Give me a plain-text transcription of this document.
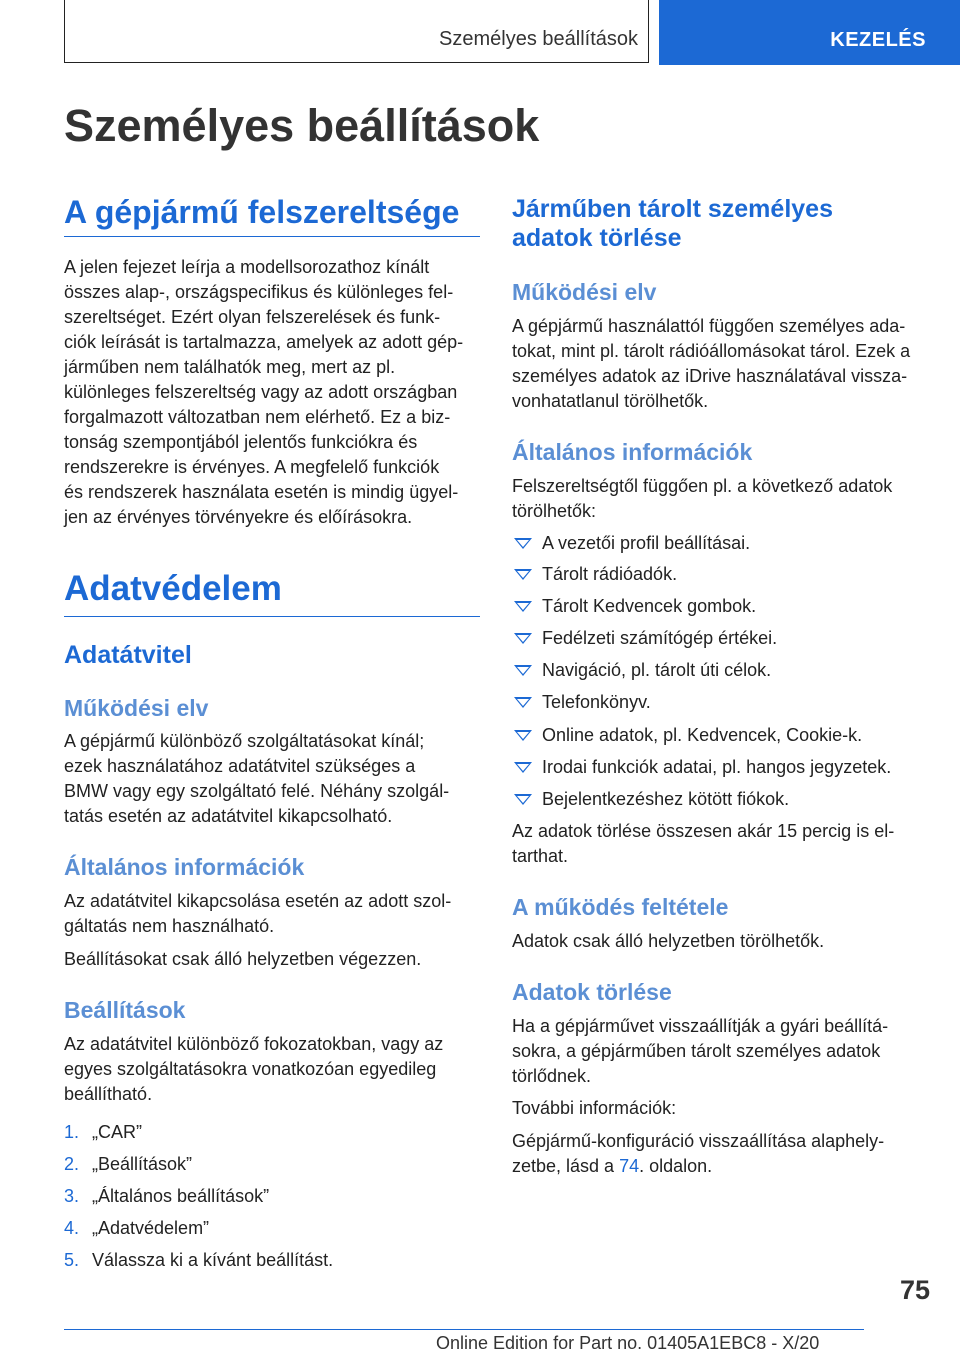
Személyes beállítások	KEZELÉS
Személyes beállítások
A gépjármű felszereltsége

A jelen fejezet leírja a modellsorozathoz kínált

összes alap-, országspecifikus és különleges fel-

szereltséget. Ezért olyan felszerelések és funk-

ciók leírását is tartalmazza, amelyek az adott gép-

járműben nem találhatók meg, mert az pl.

különleges felszereltség vagy az adott országban

forgalmazott változatban nem elérhető. Ez a biz-

tonság szempontjából jelentős funkciókra és

rendszerekre is érvényes. A megfelelő funkciók

és rendszerek használata esetén is mindig ügyel-

jen az érvényes törvényekre és előírásokra.

Adatvédelem
Adatátvitel
Működési elv

A gépjármű különböző szolgáltatásokat kínál;

ezek használatához adatátvitel szükséges a

BMW vagy egy szolgáltató felé. Néhány szolgál-

tatás esetén az adatátvitel kikapcsolható.

Általános információk

Az adatátvitel kikapcsolása esetén az adott szol-

gáltatás nem használható.

Beállításokat csak álló helyzetben végezzen.

Beállítások

Az adatátvitel különböző fokozatokban, vagy az

egyes szolgáltatásokra vonatkozóan egyedileg

beállítható.

1. „CAR”
2. „Beállítások”
3. „Általános beállítások”
4. „Adatvédelem”
5. Válassza ki a kívánt beállítást.
Járműben tárolt személyes
adatok törlése
Működési elv

A gépjármű használattól függően személyes ada-

tokat, mint pl. tárolt rádióállomásokat tárol. Ezek a

személyes adatok az iDrive használatával vissza-

vonhatatlanul törölhetők.

Általános információk

Felszereltségtől függően pl. a következő adatok

törölhetők:

A vezetői profil beállításai.
Tárolt rádióadók.
Tárolt Kedvencek gombok.
Fedélzeti számítógép értékei.
Navigáció, pl. tárolt úti célok.
Telefonkönyv.
Online adatok, pl. Kedvencek, Cookie-k.
Irodai funkciók adatai, pl. hangos jegyzetek.
Bejelentkezéshez kötött fiókok.

Az adatok törlése összesen akár 15 percig is el-

tarthat.

A működés feltétele

Adatok csak álló helyzetben törölhetők.

Adatok törlése

Ha a gépjárművet visszaállítják a gyári beállítá-

sokra, a gépjárműben tárolt személyes adatok

törlődnek.

További információk:

Gépjármű-konfiguráció visszaállítása alaphely-

zetbe, lásd a 74. oldalon.

75
Online Edition for Part no. 01405A1EBC8 - X/20
